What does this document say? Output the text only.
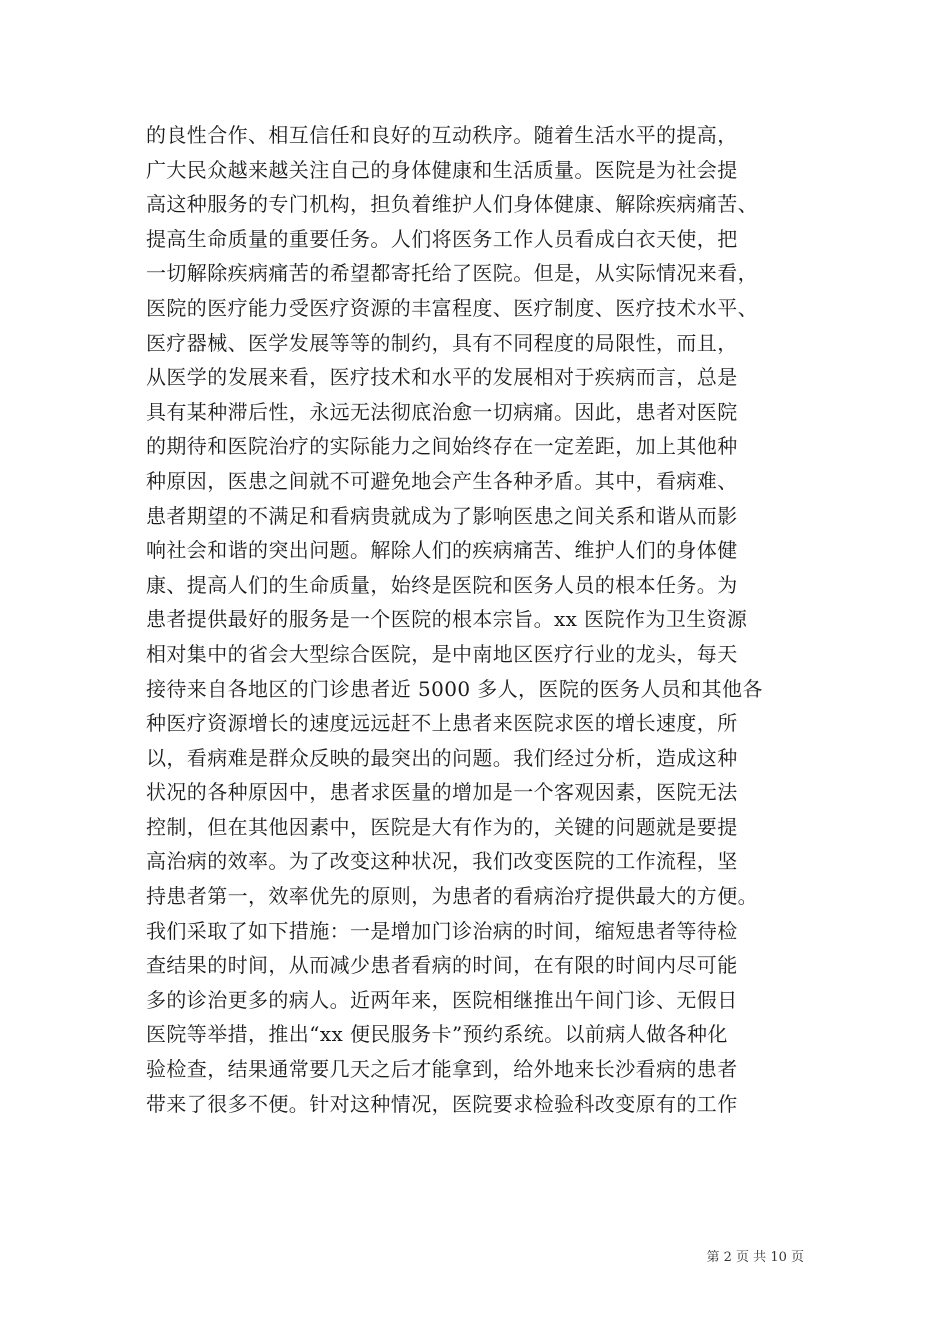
的良性合作、相互信任和良好的互动秩序。随着生活水平的提高，
广大民众越来越关注自己的身体健康和生活质量。医院是为社会提
高这种服务的专门机构，担负着维护人们身体健康、解除疾病痛苦、
提高生命质量的重要任务。人们将医务工作人员看成白衣天使，把
一切解除疾病痛苦的希望都寄托给了医院。但是，从实际情况来看，
医院的医疗能力受医疗资源的丰富程度、医疗制度、医疗技术水平、
医疗器械、医学发展等等的制约，具有不同程度的局限性，而且，
从医学的发展来看，医疗技术和水平的发展相对于疾病而言，总是
具有某种滞后性，永远无法彻底治愈一切病痛。因此，患者对医院
的期待和医院治疗的实际能力之间始终存在一定差距，加上其他种
种原因，医患之间就不可避免地会产生各种矛盾。其中，看病难、
患者期望的不满足和看病贵就成为了影响医患之间关系和谐从而影
响社会和谐的突出问题。解除人们的疾病痛苦、维护人们的身体健
康、提高人们的生命质量，始终是医院和医务人员的根本任务。为
患者提供最好的服务是一个医院的根本宗旨。xx 医院作为卫生资源
相对集中的省会大型综合医院，是中南地区医疗行业的龙头，每天
接待来自各地区的门诊患者近 5000 多人，医院的医务人员和其他各
种医疗资源增长的速度远远赶不上患者来医院求医的增长速度，所
以，看病难是群众反映的最突出的问题。我们经过分析，造成这种
状况的各种原因中，患者求医量的增加是一个客观因素，医院无法
控制，但在其他因素中，医院是大有作为的，关键的问题就是要提
高治病的效率。为了改变这种状况，我们改变医院的工作流程，坚
持患者第一，效率优先的原则，为患者的看病治疗提供最大的方便。
我们采取了如下措施：一是增加门诊治病的时间，缩短患者等待检
查结果的时间，从而减少患者看病的时间，在有限的时间内尽可能
多的诊治更多的病人。近两年来，医院相继推出午间门诊、无假日
医院等举措，推出“xx 便民服务卡”预约系统。以前病人做各种化
验检查，结果通常要几天之后才能拿到，给外地来长沙看病的患者
带来了很多不便。针对这种情况，医院要求检验科改变原有的工作
第 2 页 共 10 页
